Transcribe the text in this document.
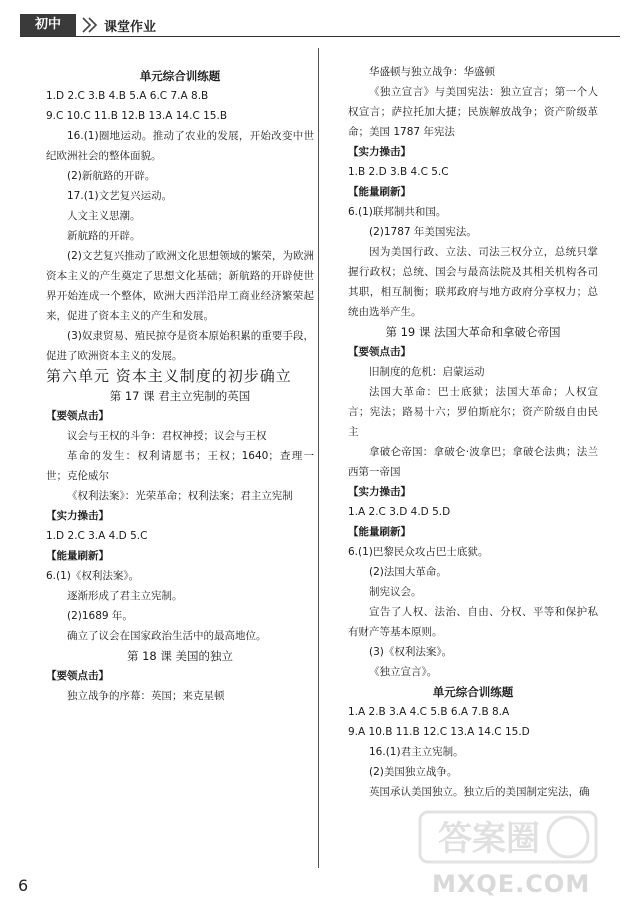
初中	课堂作业

单元综合训练题

1.D 2.C 3.B 4.B 5.A 6.C 7.A 8.B

9.C 10.C 11.B 12.B 13.A 14.C 15.B

16.(1)圈地运动。推动了农业的发展，开始改变中世纪欧洲社会的整体面貌。

(2)新航路的开辟。

17.(1)文艺复兴运动。

人文主义思潮。

新航路的开辟。

(2)文艺复兴推动了欧洲文化思想领域的繁荣，为欧洲资本主义的产生奠定了思想文化基础；新航路的开辟使世界开始连成一个整体，欧洲大西洋沿岸工商业经济繁荣起来，促进了资本主义的产生和发展。

(3)奴隶贸易、殖民掠夺是资本原始积累的重要手段，促进了欧洲资本主义的发展。

第六单元 资本主义制度的初步确立

第 17 课 君主立宪制的英国

【要领点击】

议会与王权的斗争：君权神授；议会与王权

革命的发生：权利请愿书；王权；1640；查理一世；克伦威尔

《权利法案》：光荣革命；权利法案；君主立宪制

【实力操击】

1.D 2.C 3.A 4.D 5.C

【能量刷新】

6.(1)《权利法案》。

逐渐形成了君主立宪制。

(2)1689 年。

确立了议会在国家政治生活中的最高地位。

第 18 课 美国的独立

【要领点击】

独立战争的序幕：英国；来克星顿

华盛顿与独立战争：华盛顿

《独立宣言》与美国宪法：独立宣言；第一个人权宣言；萨拉托加大捷；民族解放战争；资产阶级革命；美国 1787 年宪法

【实力操击】

1.B 2.D 3.B 4.C 5.C

【能量刷新】

6.(1)联邦制共和国。

(2)1787 年美国宪法。

因为美国行政、立法、司法三权分立，总统只掌握行政权；总统、国会与最高法院及其相关机构各司其职，相互制衡；联邦政府与地方政府分享权力；总统由选举产生。

第 19 课 法国大革命和拿破仑帝国

【要领点击】

旧制度的危机：启蒙运动

法国大革命：巴士底狱；法国大革命；人权宣言；宪法；路易十六；罗伯斯庇尔；资产阶级自由民主

拿破仑帝国：拿破仑·波拿巴；拿破仑法典；法兰西第一帝国

【实力操击】

1.A 2.C 3.D 4.D 5.D

【能量刷新】

6.(1)巴黎民众攻占巴士底狱。

(2)法国大革命。

制宪议会。

宣告了人权、法治、自由、分权、平等和保护私有财产等基本原则。

(3)《权利法案》。

《独立宣言》。

单元综合训练题

1.A 2.B 3.A 4.C 5.B 6.A 7.B 8.A

9.A 10.B 11.B 12.C 13.A 14.C 15.D

16.(1)君主立宪制。

(2)美国独立战争。

英国承认美国独立。独立后的美国制定宪法，确

6
答案圈
MXQE.COM
